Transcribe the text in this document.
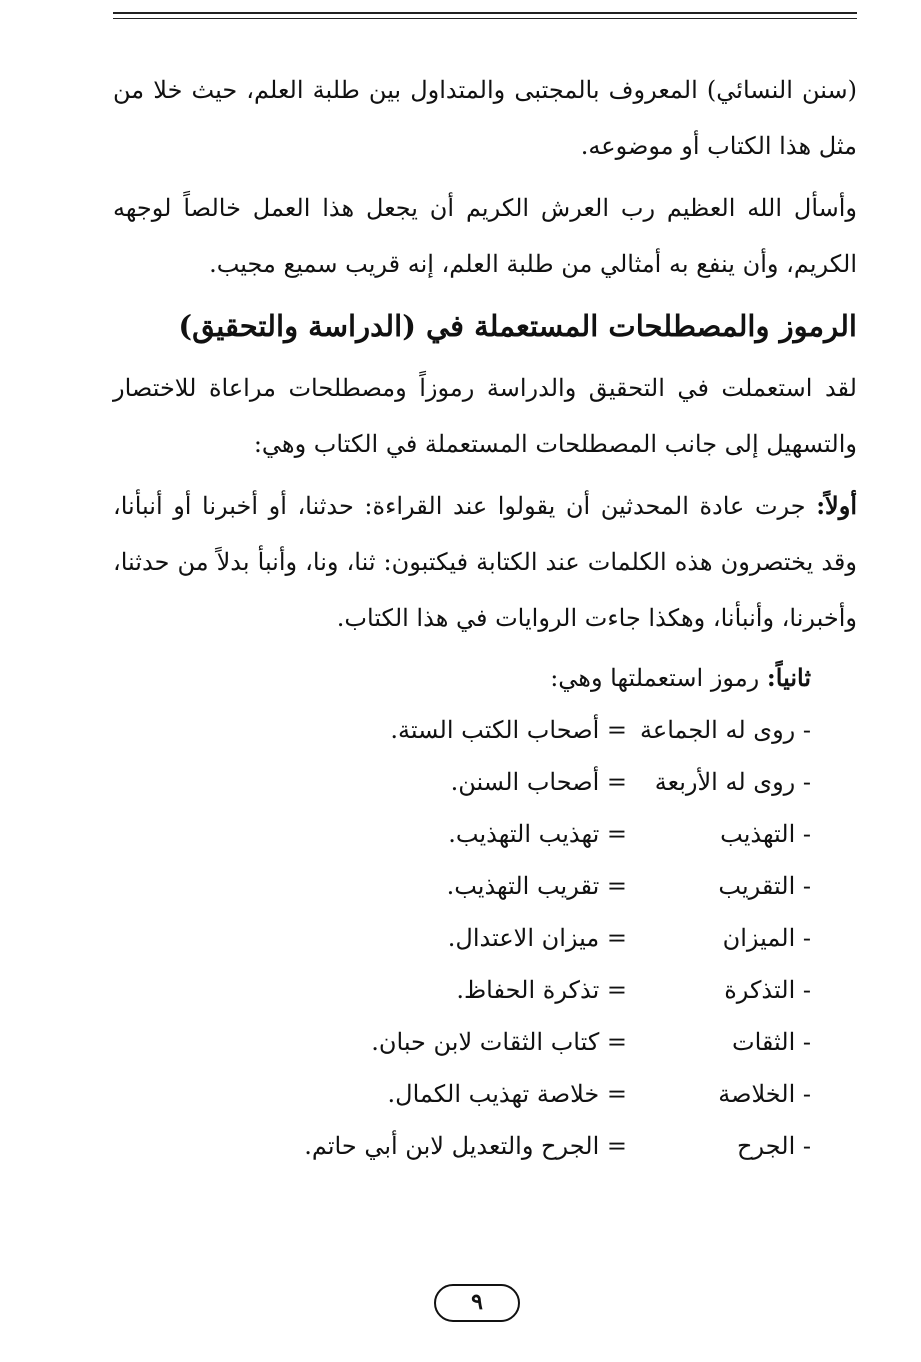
(سنن النسائي) المعروف بالمجتبى والمتداول بين طلبة العلم، حيث خلا من مثل هذا الكتاب أو موضوعه.

وأسأل الله العظيم رب العرش الكريم أن يجعل هذا العمل خالصاً لوجهه الكريم، وأن ينفع به أمثالي من طلبة العلم، إنه قريب سميع مجيب.

الرموز والمصطلحات المستعملة في (الدراسة والتحقيق)

لقد استعملت في التحقيق والدراسة رموزاً ومصطلحات مراعاة للاختصار والتسهيل إلى جانب المصطلحات المستعملة في الكتاب وهي:

أولاً: جرت عادة المحدثين أن يقولوا عند القراءة: حدثنا، أو أخبرنا أو أنبأنا، وقد يختصرون هذه الكلمات عند الكتابة فيكتبون: ثنا، ونا، وأنبأ بدلاً من حدثنا، وأخبرنا، وأنبأنا، وهكذا جاءت الروايات في هذا الكتاب.

ثانياً: رموز استعملتها وهي:
- روى له الجماعة
= أصحاب الكتب الستة.
- روى له الأربعة
= أصحاب السنن.
- التهذيب
= تهذيب التهذيب.
- التقريب
= تقريب التهذيب.
- الميزان
= ميزان الاعتدال.
- التذكرة
= تذكرة الحفاظ.
- الثقات
= كتاب الثقات لابن حبان.
- الخلاصة
= خلاصة تهذيب الكمال.
- الجرح
= الجرح والتعديل لابن أبي حاتم.
٩
